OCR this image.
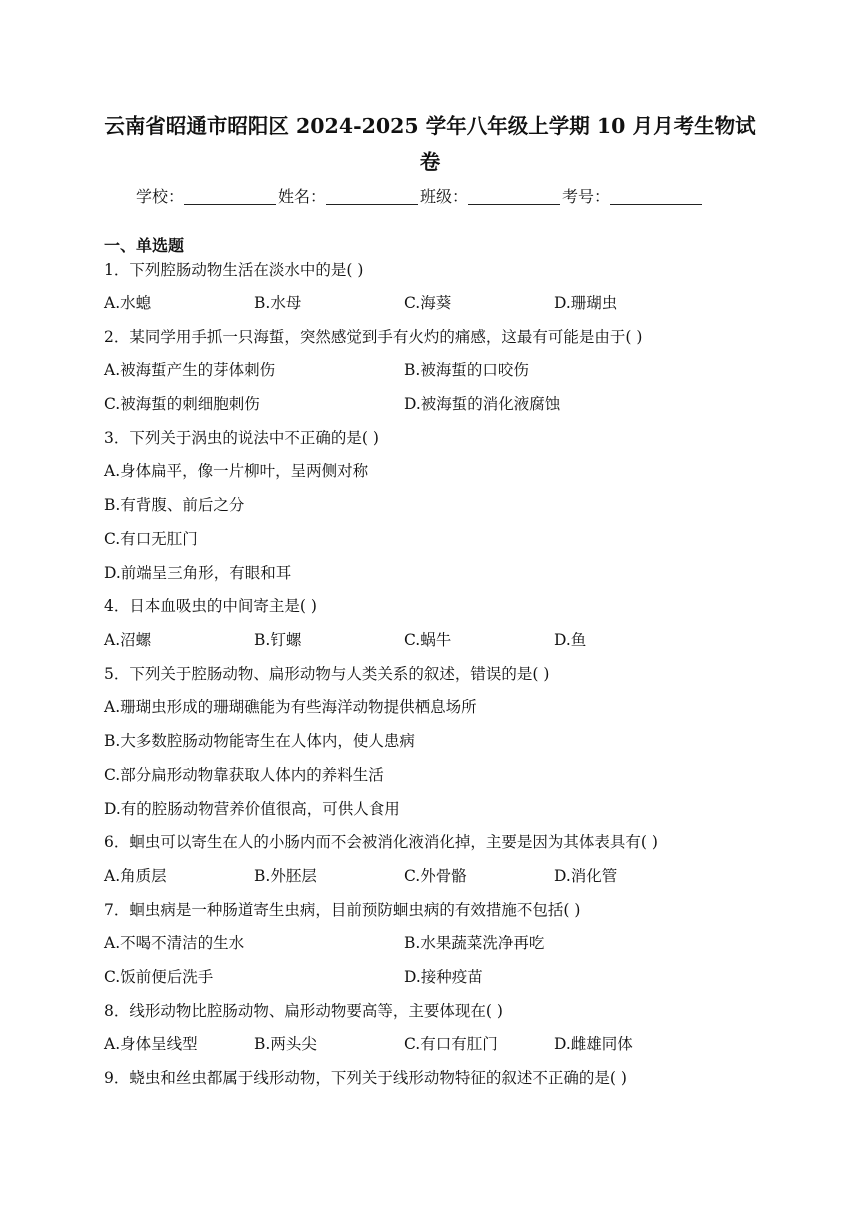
云南省昭通市昭阳区 2024-2025 学年八年级上学期 10 月月考生物试
卷
学校：	姓名：	班级：	考号：
一、单选题
1．下列腔肠动物生活在淡水中的是( )
A.水螅	B.水母	C.海葵	D.珊瑚虫
2．某同学用手抓一只海蜇，突然感觉到手有火灼的痛感，这最有可能是由于( )
A.被海蜇产生的芽体刺伤	B.被海蜇的口咬伤
C.被海蜇的刺细胞刺伤	D.被海蜇的消化液腐蚀
3．下列关于涡虫的说法中不正确的是( )
A.身体扁平，像一片柳叶，呈两侧对称
B.有背腹、前后之分
C.有口无肛门
D.前端呈三角形，有眼和耳
4．日本血吸虫的中间寄主是( )
A.沼螺	B.钉螺	C.蜗牛	D.鱼
5．下列关于腔肠动物、扁形动物与人类关系的叙述，错误的是( )
A.珊瑚虫形成的珊瑚礁能为有些海洋动物提供栖息场所
B.大多数腔肠动物能寄生在人体内，使人患病
C.部分扁形动物靠获取人体内的养料生活
D.有的腔肠动物营养价值很高，可供人食用
6．蛔虫可以寄生在人的小肠内而不会被消化液消化掉，主要是因为其体表具有( )
A.角质层	B.外胚层	C.外骨骼	D.消化管
7．蛔虫病是一种肠道寄生虫病，目前预防蛔虫病的有效措施不包括( )
A.不喝不清洁的生水	B.水果蔬菜洗净再吃
C.饭前便后洗手	D.接种疫苗
8．线形动物比腔肠动物、扁形动物要高等，主要体现在( )
A.身体呈线型	B.两头尖	C.有口有肛门	D.雌雄同体
9．蛲虫和丝虫都属于线形动物，下列关于线形动物特征的叙述不正确的是( )
